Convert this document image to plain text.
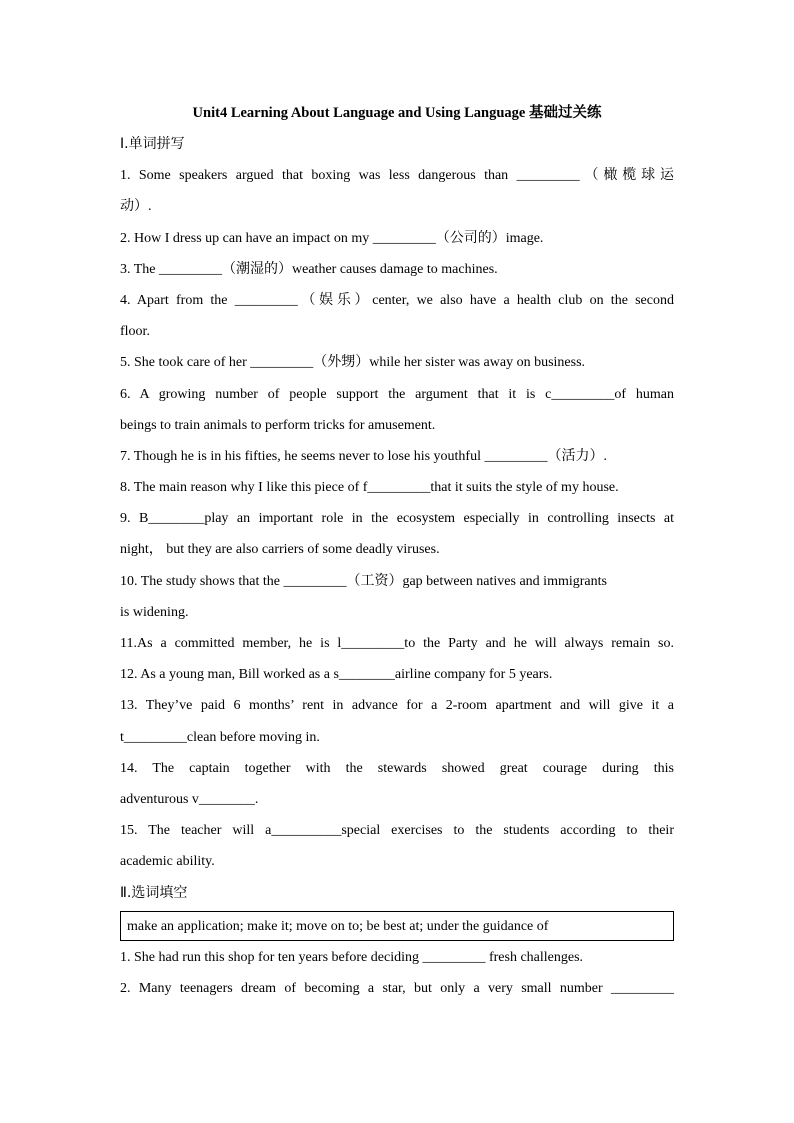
Unit4 Learning About Language and Using Language 基础过关练
I.单词拼写
1. Some speakers argued that boxing was less dangerous than _________（橄榄球运
动）.
2. How I dress up can have an impact on my _________（公司的）image.
3. The _________（潮湿的）weather causes damage to machines.
4. Apart from the _________（娱乐）center, we also have a health club on the second
floor.
5. She took care of her _________（外甥）while her sister was away on business.
6. A growing number of people support the argument that it is c_________of human
beings to train animals to perform tricks for amusement.
7. Though he is in his fifties, he seems never to lose his youthful _________（活力）.
8. The main reason why I like this piece of f_________that it suits the style of my house.
9. B________play an important role in the ecosystem especially in controlling insects at
night， but they are also carriers of some deadly viruses.
10. The study shows that the _________（工资）gap between natives and immigrants
is widening.
11.As a committed member, he is l_________to the Party and he will always remain so.
12. As a young man, Bill worked as a s________airline company for 5 years.
13. They’ve paid 6 months’ rent in advance for a 2-room apartment and will give it a
t_________clean before moving in.
14. The captain together with the stewards showed great courage during this
adventurous v________.
15. The teacher will a__________special exercises to the students according to their
academic ability.
Ⅱ.选词填空
make an application; make it; move on to; be best at; under the guidance of
1. She had run this shop for ten years before deciding _________ fresh challenges.
2. Many teenagers dream of becoming a star, but only a very small number _________
